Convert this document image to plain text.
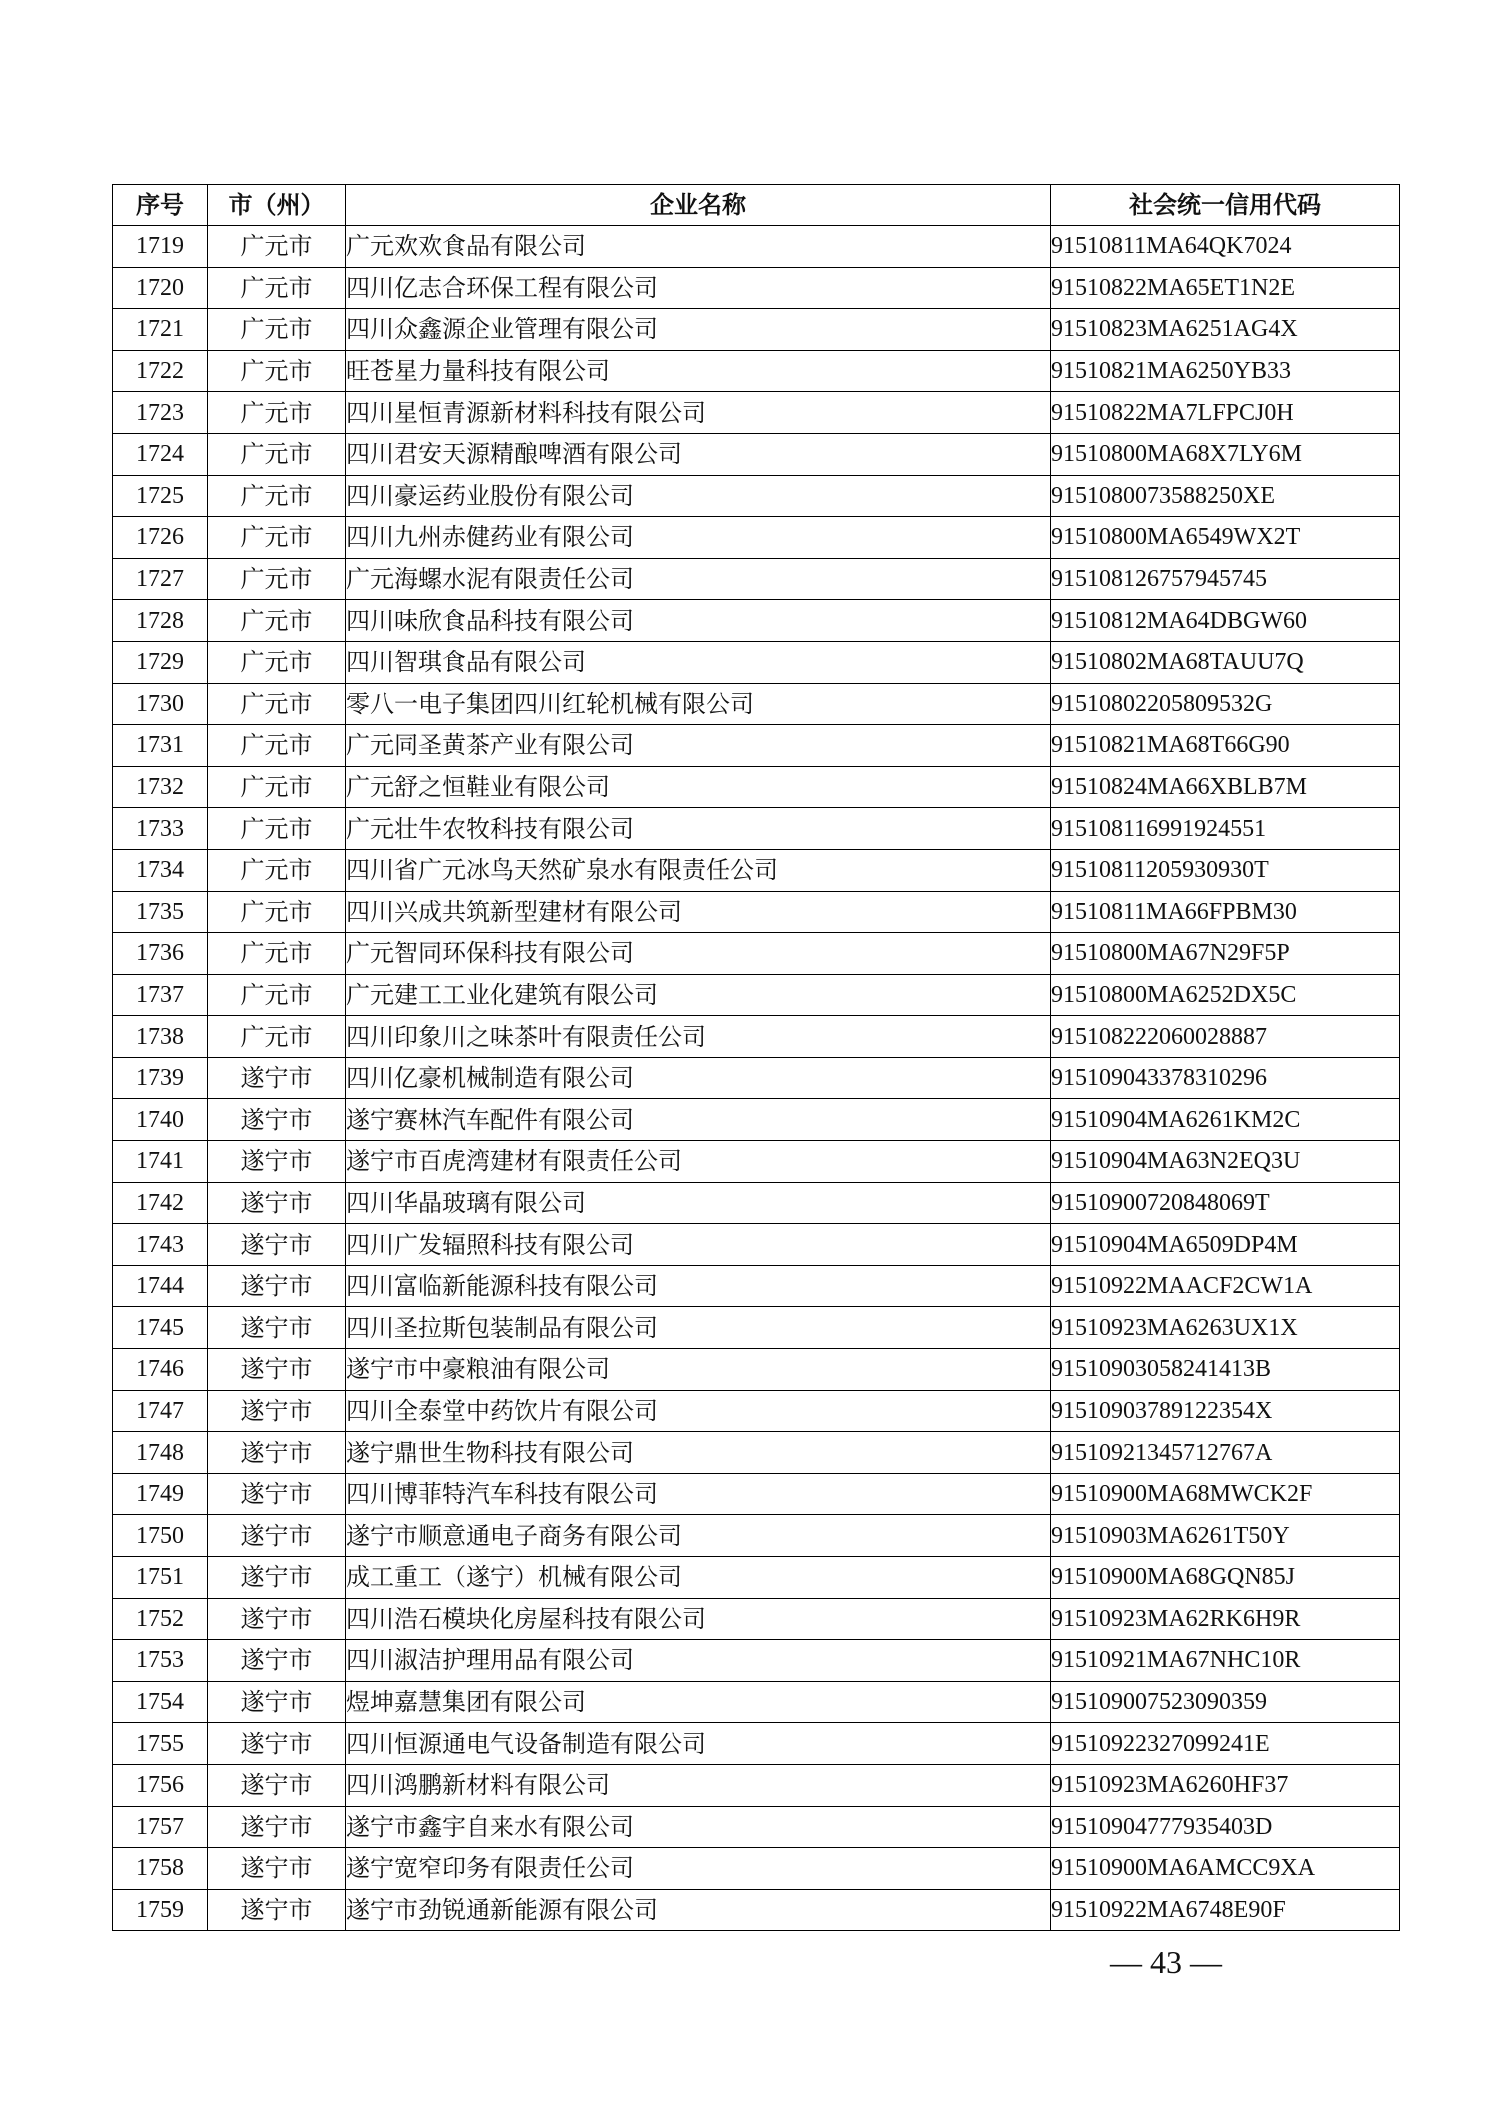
序号	市（州）	企业名称	社会统一信用代码
1719	广元市	广元欢欢食品有限公司	91510811MA64QK7024
1720	广元市	四川亿志合环保工程有限公司	91510822MA65ET1N2E
1721	广元市	四川众鑫源企业管理有限公司	91510823MA6251AG4X
1722	广元市	旺苍星力量科技有限公司	91510821MA6250YB33
1723	广元市	四川星恒青源新材料科技有限公司	91510822MA7LFPCJ0H
1724	广元市	四川君安天源精酿啤酒有限公司	91510800MA68X7LY6M
1725	广元市	四川豪运药业股份有限公司	9151080073588250XE
1726	广元市	四川九州赤健药业有限公司	91510800MA6549WX2T
1727	广元市	广元海螺水泥有限责任公司	915108126757945745
1728	广元市	四川味欣食品科技有限公司	91510812MA64DBGW60
1729	广元市	四川智琪食品有限公司	91510802MA68TAUU7Q
1730	广元市	零八一电子集团四川红轮机械有限公司	91510802205809532G
1731	广元市	广元同圣黄茶产业有限公司	91510821MA68T66G90
1732	广元市	广元舒之恒鞋业有限公司	91510824MA66XBLB7M
1733	广元市	广元壮牛农牧科技有限公司	915108116991924551
1734	广元市	四川省广元冰鸟天然矿泉水有限责任公司	91510811205930930T
1735	广元市	四川兴成共筑新型建材有限公司	91510811MA66FPBM30
1736	广元市	广元智同环保科技有限公司	91510800MA67N29F5P
1737	广元市	广元建工工业化建筑有限公司	91510800MA6252DX5C
1738	广元市	四川印象川之味茶叶有限责任公司	915108222060028887
1739	遂宁市	四川亿豪机械制造有限公司	915109043378310296
1740	遂宁市	遂宁赛林汽车配件有限公司	91510904MA6261KM2C
1741	遂宁市	遂宁市百虎湾建材有限责任公司	91510904MA63N2EQ3U
1742	遂宁市	四川华晶玻璃有限公司	9151090072084806​9T
1743	遂宁市	四川广发辐照科技有限公司	91510904MA6509DP4M
1744	遂宁市	四川富临新能源科技有限公司	91510922MAACF2CW1A
1745	遂宁市	四川圣拉斯包装制品有限公司	91510923MA6263UX1X
1746	遂宁市	遂宁市中豪粮油有限公司	91510903058241413B
1747	遂宁市	四川全泰堂中药饮片有限公司	91510903789122354X
1748	遂宁市	遂宁鼎世生物科技有限公司	91510921345712767A
1749	遂宁市	四川博菲特汽车科技有限公司	91510900MA68MWCK2F
1750	遂宁市	遂宁市顺意通电子商务有限公司	91510903MA6261T50Y
1751	遂宁市	成工重工（遂宁）机械有限公司	91510900MA68GQN85J
1752	遂宁市	四川浩石模块化房屋科技有限公司	91510923MA62RK6H9R
1753	遂宁市	四川淑洁护理用品有限公司	91510921MA67NHC10R
1754	遂宁市	煜坤嘉慧集团有限公司	915109007523090359
1755	遂宁市	四川恒源通电气设备制造有限公司	91510922327099241E
1756	遂宁市	四川鸿鹏新材料有限公司	91510923MA6260HF37
1757	遂宁市	遂宁市鑫宇自来水有限公司	91510904777935403D
1758	遂宁市	遂宁宽窄印务有限责任公司	91510900MA6AMCC9XA
1759	遂宁市	遂宁市劲锐通新能源有限公司	91510922MA6748E90F
— 43 —
